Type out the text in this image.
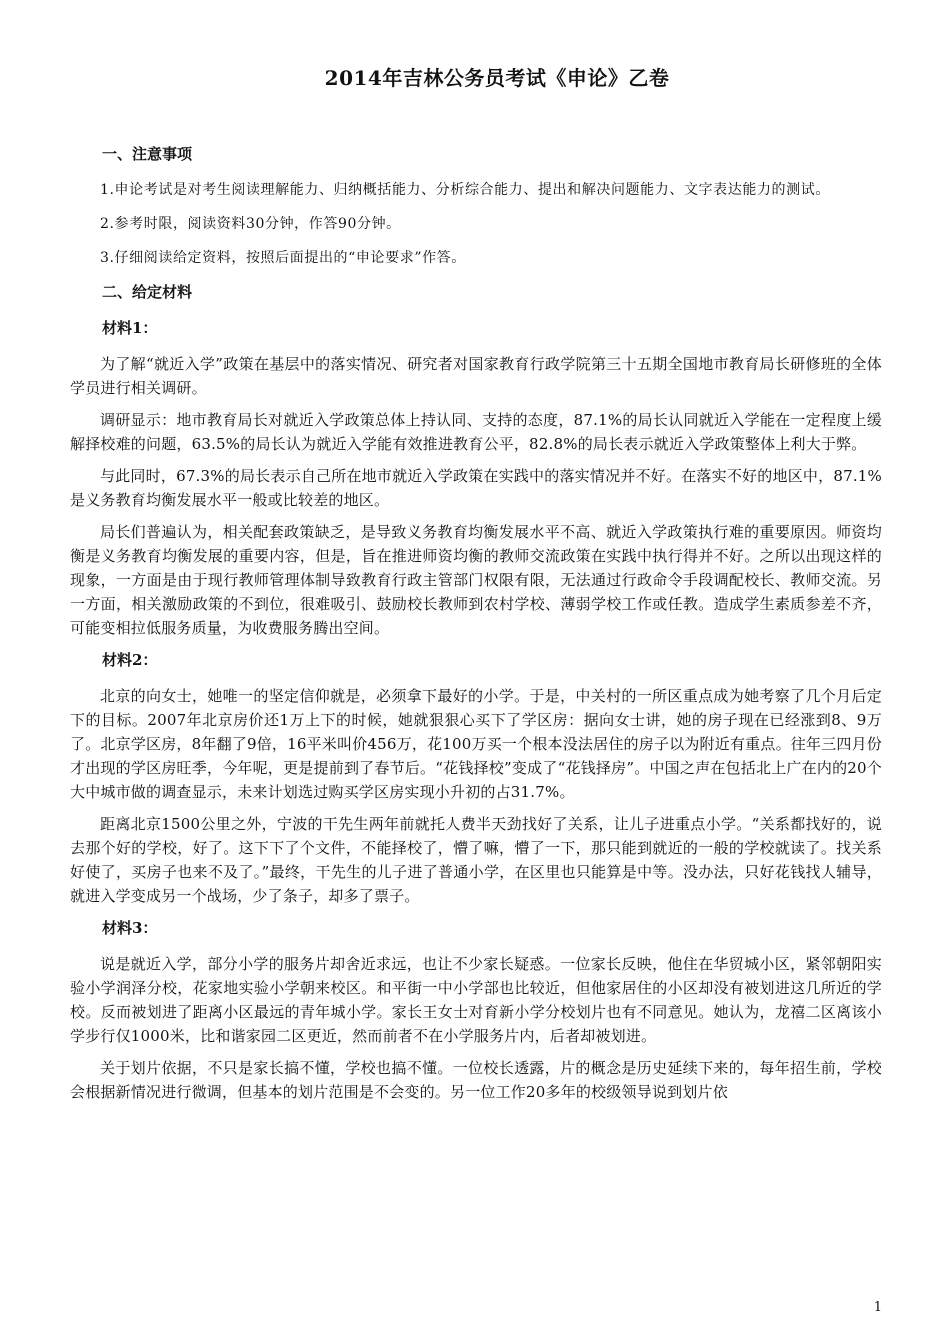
2014年吉林公务员考试《申论》乙卷
一、注意事项

1.申论考试是对考生阅读理解能力、归纳概括能力、分析综合能力、提出和解决问题能力、文字表达能力的测试。

2.参考时限，阅读资料30分钟，作答90分钟。

3.仔细阅读给定资料，按照后面提出的“申论要求”作答。

二、给定材料
材料1：

为了解“就近入学”政策在基层中的落实情况、研究者对国家教育行政学院第三十五期全国地市教育局长研修班的全体学员进行相关调研。

调研显示：地市教育局长对就近入学政策总体上持认同、支持的态度，87.1%的局长认同就近入学能在一定程度上缓解择校难的问题，63.5%的局长认为就近入学能有效推进教育公平，82.8%的局长表示就近入学政策整体上利大于弊。

与此同时，67.3%的局长表示自己所在地市就近入学政策在实践中的落实情况并不好。在落实不好的地区中，87.1%是义务教育均衡发展水平一般或比较差的地区。

局长们普遍认为，相关配套政策缺乏，是导致义务教育均衡发展水平不高、就近入学政策执行难的重要原因。师资均衡是义务教育均衡发展的重要内容，但是，旨在推进师资均衡的教师交流政策在实践中执行得并不好。之所以出现这样的现象，一方面是由于现行教师管理体制导致教育行政主管部门权限有限，无法通过行政命令手段调配校长、教师交流。另一方面，相关激励政策的不到位，很难吸引、鼓励校长教师到农村学校、薄弱学校工作或任教。造成学生素质参差不齐，可能变相拉低服务质量，为收费服务腾出空间。

材料2：

北京的向女士，她唯一的坚定信仰就是，必须拿下最好的小学。于是，中关村的一所区重点成为她考察了几个月后定下的目标。2007年北京房价还1万上下的时候，她就狠狠心买下了学区房：据向女士讲，她的房子现在已经涨到8、9万了。北京学区房，8年翻了9倍，16平米叫价456万，花100万买一个根本没法居住的房子以为附近有重点。往年三四月份才出现的学区房旺季，今年呢，更是提前到了春节后。“花钱择校”变成了“花钱择房”。中国之声在包括北上广在内的20个大中城市做的调查显示，未来计划选过购买学区房实现小升初的占31.7%。

距离北京1500公里之外，宁波的干先生两年前就托人费半天劲找好了关系，让儿子进重点小学。“关系都找好的，说去那个好的学校，好了。这下下了个文件，不能择校了，懵了嘛，懵了一下，那只能到就近的一般的学校就读了。找关系好使了，买房子也来不及了。”最终，干先生的儿子进了普通小学，在区里也只能算是中等。没办法，只好花钱找人辅导，就进入学变成另一个战场，少了条子，却多了票子。

材料3：

说是就近入学，部分小学的服务片却舍近求远，也让不少家长疑惑。一位家长反映，他住在华贸城小区，紧邻朝阳实验小学润泽分校，花家地实验小学朝来校区。和平街一中小学部也比较近，但他家居住的小区却没有被划进这几所近的学校。反而被划进了距离小区最远的青年城小学。家长王女士对育新小学分校划片也有不同意见。她认为，龙禧二区离该小学步行仅1000米，比和谐家园二区更近，然而前者不在小学服务片内，后者却被划进。

关于划片依据，不只是家长搞不懂，学校也搞不懂。一位校长透露，片的概念是历史延续下来的，每年招生前，学校会根据新情况进行微调，但基本的划片范围是不会变的。另一位工作20多年的校级领导说到划片依

1
